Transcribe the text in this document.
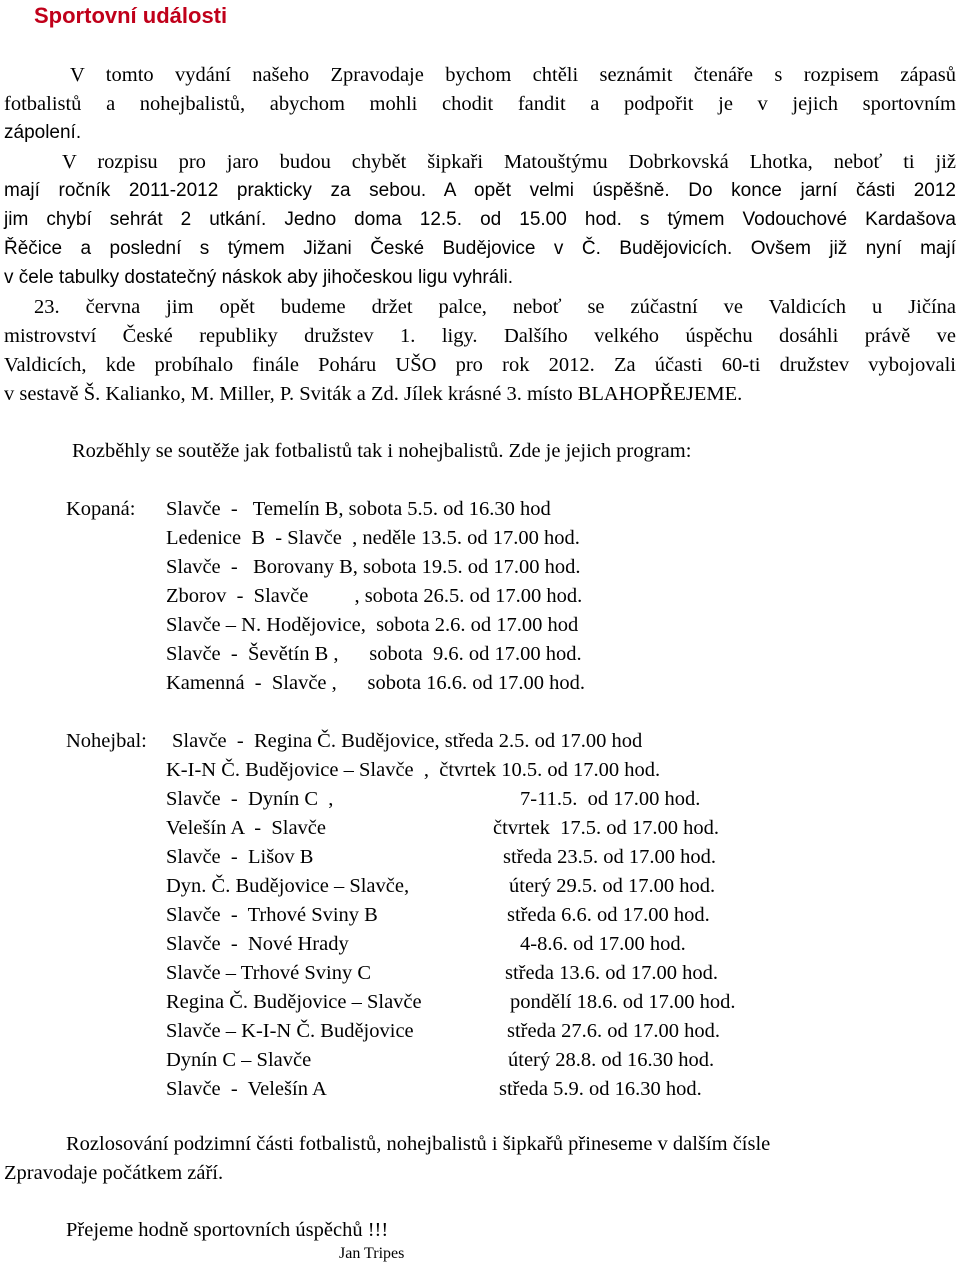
Sportovní události

V tomto vydání našeho Zpravodaje bychom chtěli seznámit čtenáře s rozpisem zápasů

fotbalistů a nohejbalistů, abychom mohli chodit fandit a podpořit je v jejich sportovním

zápolení.

V rozpisu pro jaro budou chybět šipkaři Matouštýmu Dobrkovská Lhotka, neboť ti již

mají ročník 2011-2012 prakticky za sebou. A opět velmi úspěšně. Do konce jarní části 2012

jim chybí sehrát 2 utkání. Jedno doma 12.5. od 15.00 hod. s týmem Vodouchové Kardašova

Řěčice a poslední s týmem Jižani České Budějovice v Č. Budějovicích. Ovšem již nyní mají

v čele tabulky dostatečný náskok aby jihočeskou ligu vyhráli.

23. června jim opět budeme držet palce, neboť se zúčastní ve Valdicích u Jičína

mistrovství České republiky družstev 1. ligy. Dalšího velkého úspěchu dosáhli právě ve

Valdicích, kde probíhalo finále Poháru UŠO pro rok 2012. Za účasti 60-ti družstev vybojovali

v sestavě Š. Kalianko, M. Miller, P. Sviták a Zd. Jílek krásné 3. místo BLAHOPŘEJEME.

Rozběhly se soutěže jak fotbalistů tak i nohejbalistů. Zde je jejich program:

Kopaná: Slavče  -   Temelín B, sobota 5.5. od 16.30 hod
Ledenice  B  - Slavče  , neděle 13.5. od 17.00 hod.
Slavče  -   Borovany B, sobota 19.5. od 17.00 hod.
Zborov  -  Slavče         , sobota 26.5. od 17.00 hod.
Slavče – N. Hodějovice,  sobota 2.6. od 17.00 hod
Slavče  -  Ševětín B ,      sobota  9.6. od 17.00 hod.
Kamenná  -  Slavče ,      sobota 16.6. od 17.00 hod.
Nohejbal: Slavče  -  Regina Č. Budějovice, středa 2.5. od 17.00 hod
K-I-N Č. Budějovice – Slavče  ,  čtvrtek 10.5. od 17.00 hod.
Slavče  -  Dynín C  ,	7-11.5.  od 17.00 hod.
Velešín A  -  Slavče	čtvrtek  17.5. od 17.00 hod.
Slavče  -  Lišov B	středa 23.5. od 17.00 hod.
Dyn. Č. Budějovice – Slavče,	úterý 29.5. od 17.00 hod.
Slavče  -  Trhové Sviny B	středa 6.6. od 17.00 hod.
Slavče  -  Nové Hrady	4-8.6. od 17.00 hod.
Slavče – Trhové Sviny C	středa 13.6. od 17.00 hod.
Regina Č. Budějovice – Slavče	pondělí 18.6. od 17.00 hod.
Slavče – K-I-N Č. Budějovice	středa 27.6. od 17.00 hod.
Dynín C – Slavče	úterý 28.8. od 16.30 hod.
Slavče  -  Velešín A	středa 5.9. od 16.30 hod.

Rozlosování podzimní části fotbalistů, nohejbalistů i šipkařů přineseme v dalším čísle

Zpravodaje počátkem září.

Přejeme hodně sportovních úspěchů !!!

Jan Tripes
